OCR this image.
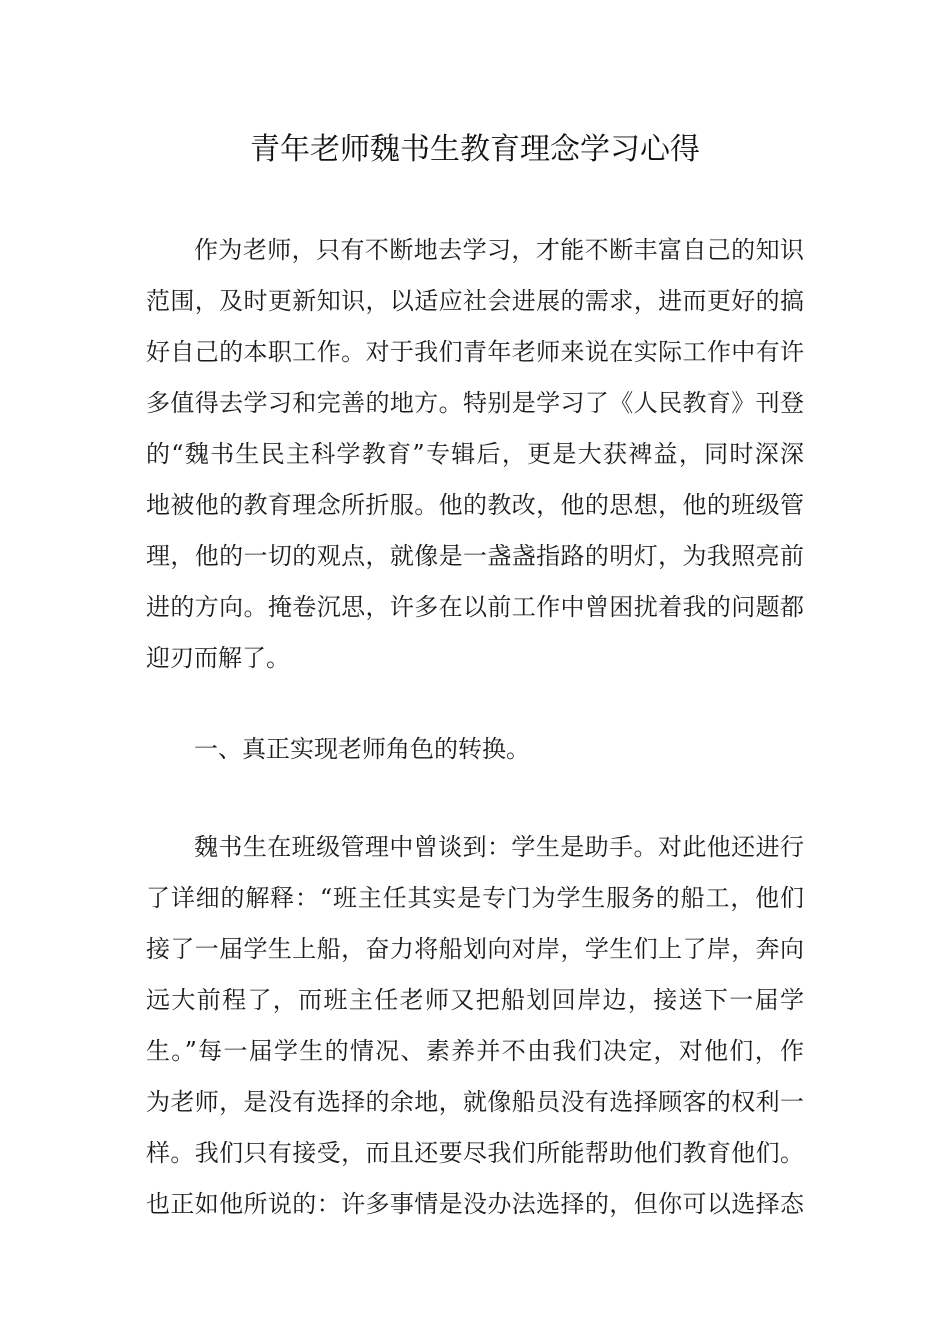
青年老师魏书生教育理念学习心得
作为老师，只有不断地去学习，才能不断丰富自己的知识
范围，及时更新知识，以适应社会进展的需求，进而更好的搞
好自己的本职工作。对于我们青年老师来说在实际工作中有许
多值得去学习和完善的地方。特别是学习了《人民教育》刊登
的“魏书生民主科学教育”专辑后，更是大获裨益，同时深深
地被他的教育理念所折服。他的教改，他的思想，他的班级管
理，他的一切的观点，就像是一盏盏指路的明灯，为我照亮前
进的方向。掩卷沉思，许多在以前工作中曾困扰着我的问题都
迎刃而解了。
一、真正实现老师角色的转换。
魏书生在班级管理中曾谈到：学生是助手。对此他还进行
了详细的解释：“班主任其实是专门为学生服务的船工，他们
接了一届学生上船，奋力将船划向对岸，学生们上了岸，奔向
远大前程了，而班主任老师又把船划回岸边，接送下一届学
生。”每一届学生的情况、素养并不由我们决定，对他们，作
为老师，是没有选择的余地，就像船员没有选择顾客的权利一
样。我们只有接受，而且还要尽我们所能帮助他们教育他们。
也正如他所说的：许多事情是没办法选择的，但你可以选择态
